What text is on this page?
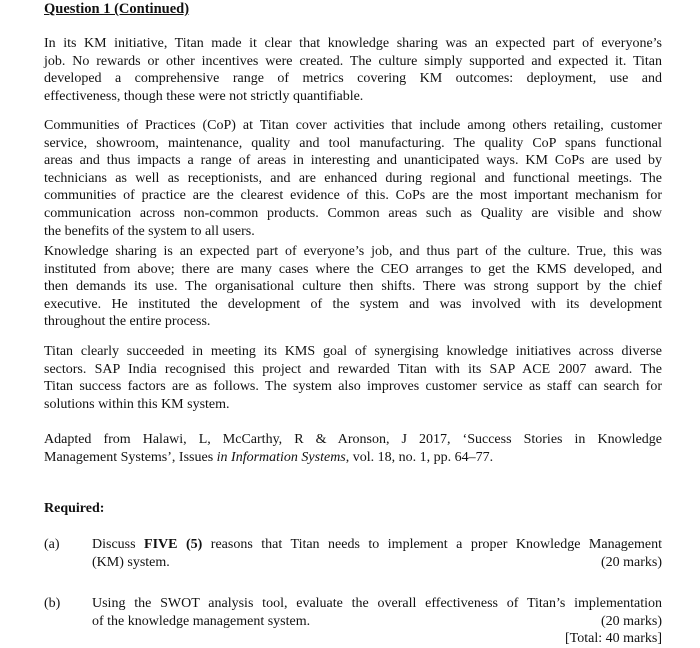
Question 1 (Continued)
In its KM initiative, Titan made it clear that knowledge sharing was an expected part of everyone’s
job. No rewards or other incentives were created. The culture simply supported and expected it. Titan
developed a comprehensive range of metrics covering KM outcomes: deployment, use and
effectiveness, though these were not strictly quantifiable.
Communities of Practices (CoP) at Titan cover activities that include among others retailing, customer
service, showroom, maintenance, quality and tool manufacturing. The quality CoP spans functional
areas and thus impacts a range of areas in interesting and unanticipated ways. KM CoPs are used by
technicians as well as receptionists, and are enhanced during regional and functional meetings. The
communities of practice are the clearest evidence of this. CoPs are the most important mechanism for
communication across non-common products. Common areas such as Quality are visible and show
the benefits of the system to all users.
Knowledge sharing is an expected part of everyone’s job, and thus part of the culture. True, this was
instituted from above; there are many cases where the CEO arranges to get the KMS developed, and
then demands its use. The organisational culture then shifts. There was strong support by the chief
executive. He instituted the development of the system and was involved with its development
throughout the entire process.
Titan clearly succeeded in meeting its KMS goal of synergising knowledge initiatives across diverse
sectors. SAP India recognised this project and rewarded Titan with its SAP ACE 2007 award. The
Titan success factors are as follows. The system also improves customer service as staff can search for
solutions within this KM system.
Adapted from Halawi, L, McCarthy, R & Aronson, J 2017, ‘Success Stories in Knowledge
Management Systems’, Issues in Information Systems, vol. 18, no. 1, pp. 64–77.
Required:
(a) Discuss FIVE (5) reasons that Titan needs to implement a proper Knowledge Management
(KM) system.	(20 marks)
(b) Using the SWOT analysis tool, evaluate the overall effectiveness of Titan’s implementation
of the knowledge management system.	(20 marks)
[Total: 40 marks]
